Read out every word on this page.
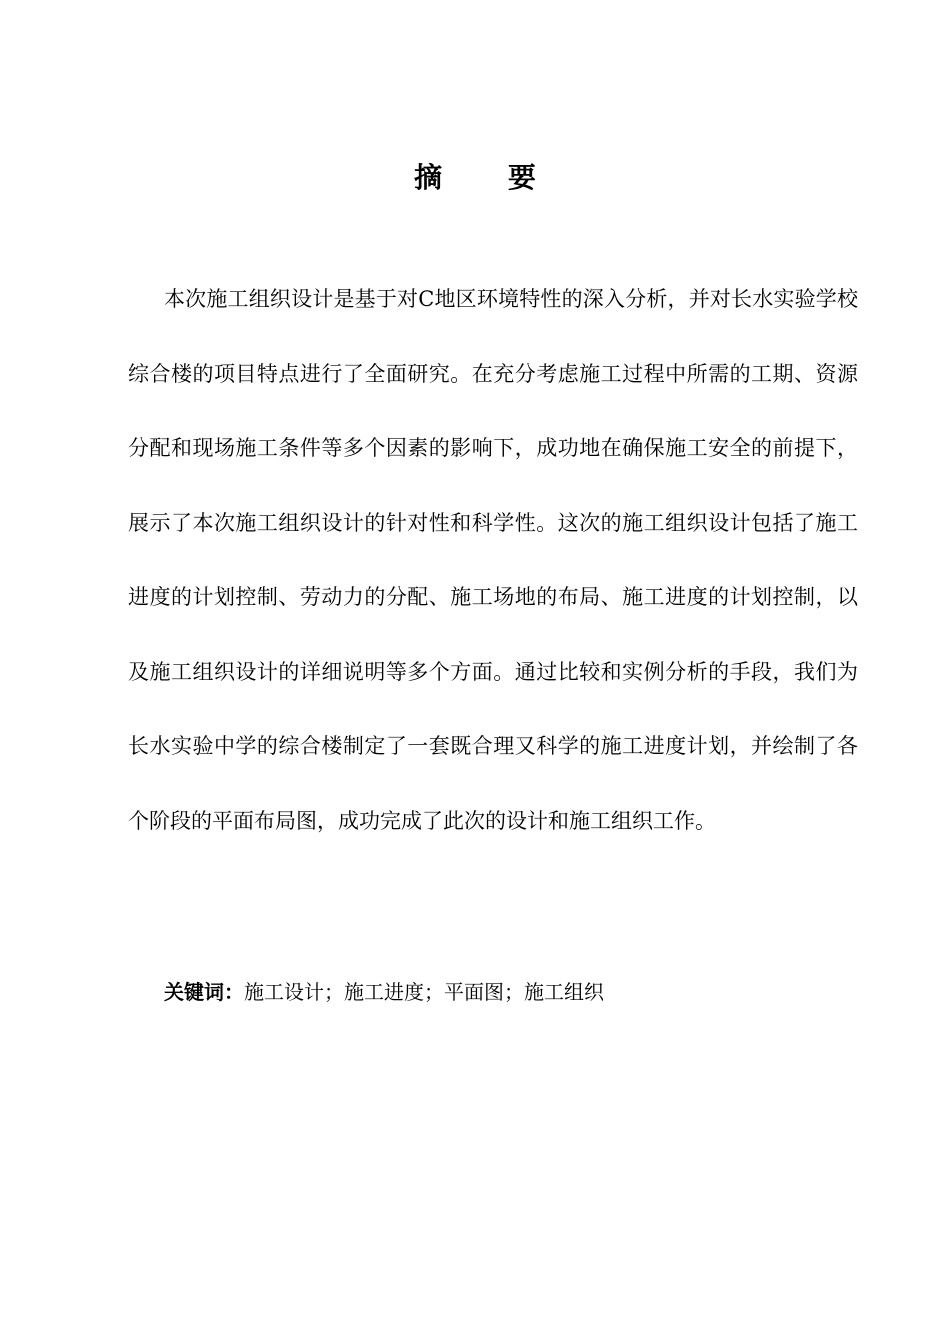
摘 要

本次施工组织设计是基于对C地区环境特性的深入分析，并对长水实验学校综合楼的项目特点进行了全面研究。在充分考虑施工过程中所需的工期、资源分配和现场施工条件等多个因素的影响下，成功地在确保施工安全的前提下，展示了本次施工组织设计的针对性和科学性。这次的施工组织设计包括了施工进度的计划控制、劳动力的分配、施工场地的布局、施工进度的计划控制，以及施工组织设计的详细说明等多个方面。通过比较和实例分析的手段，我们为长水实验中学的综合楼制定了一套既合理又科学的施工进度计划，并绘制了各个阶段的平面布局图，成功完成了此次的设计和施工组织工作。

关键词：施工设计；施工进度；平面图；施工组织
